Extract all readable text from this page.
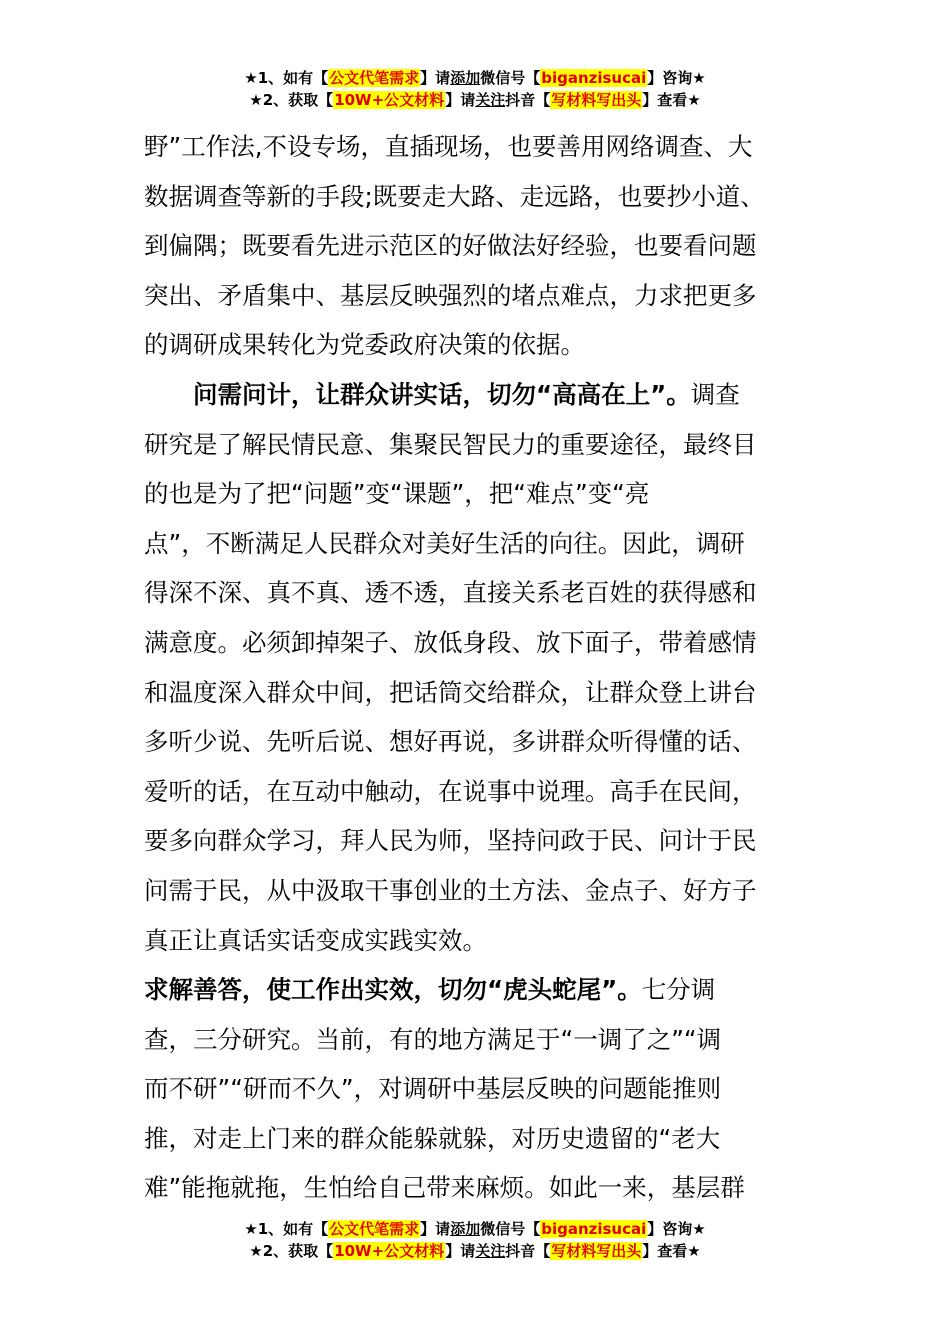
★1、如有【公文代笔需求】请添加微信号【biganzisucai】咨询★
★2、获取【10W+公文材料】请关注抖音【写材料写出头】查看★
野”工作法,不设专场，直插现场，也要善用网络调查、大
数据调查等新的手段;既要走大路、走远路，也要抄小道、
到偏隅；既要看先进示范区的好做法好经验，也要看问题
突出、矛盾集中、基层反映强烈的堵点难点，力求把更多
的调研成果转化为党委政府决策的依据。
问需问计，让群众讲实话，切勿“高高在上”。调查
研究是了解民情民意、集聚民智民力的重要途径，最终目
的也是为了把“问题”变“课题”，把“难点”变“亮
点”，不断满足人民群众对美好生活的向往。因此，调研
得深不深、真不真、透不透，直接关系老百姓的获得感和
满意度。必须卸掉架子、放低身段、放下面子，带着感情
和温度深入群众中间，把话筒交给群众，让群众登上讲台
多听少说、先听后说、想好再说，多讲群众听得懂的话、
爱听的话，在互动中触动，在说事中说理。高手在民间，
要多向群众学习，拜人民为师，坚持问政于民、问计于民
问需于民，从中汲取干事创业的土方法、金点子、好方子
真正让真话实话变成实践实效。
求解善答，使工作出实效，切勿“虎头蛇尾”。七分调
查，三分研究。当前，有的地方满足于“一调了之”“调
而不研”“研而不久”，对调研中基层反映的问题能推则
推，对走上门来的群众能躲就躲，对历史遗留的“老大
难”能拖就拖，生怕给自己带来麻烦。如此一来，基层群
★1、如有【公文代笔需求】请添加微信号【biganzisucai】咨询★
★2、获取【10W+公文材料】请关注抖音【写材料写出头】查看★
